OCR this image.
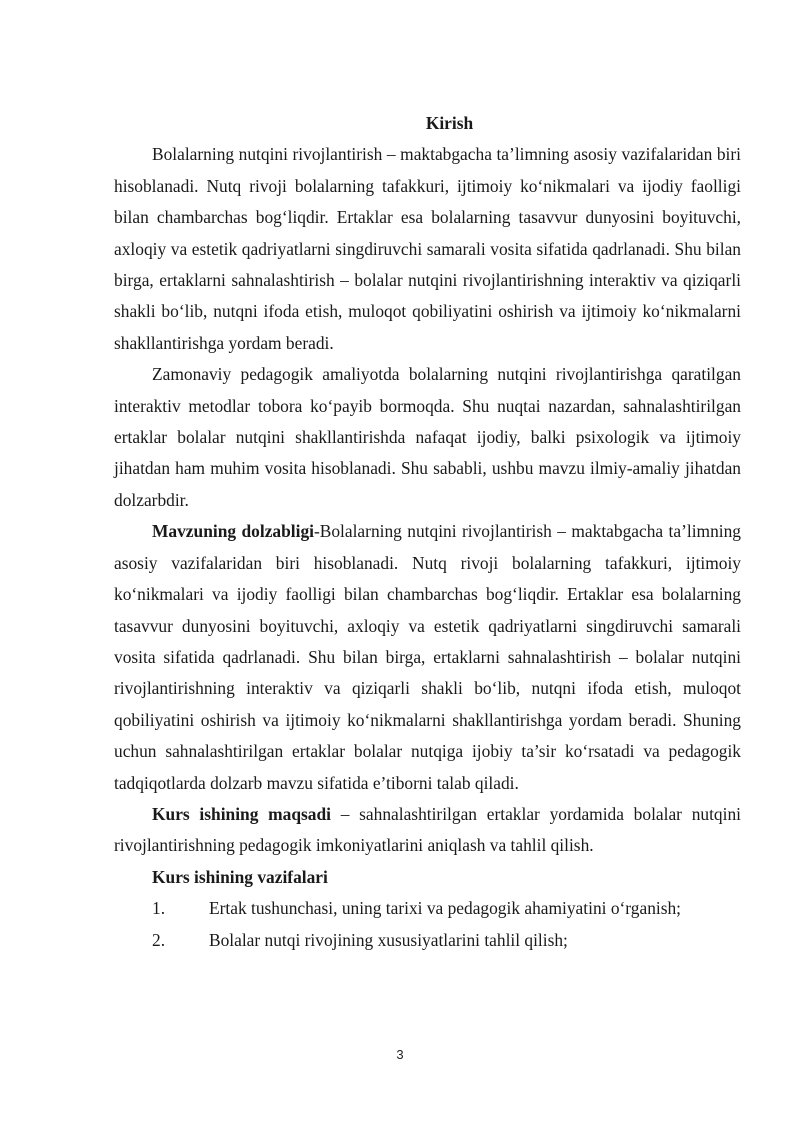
Kirish

Bolalarning nutqini rivojlantirish – maktabgacha ta’limning asosiy vazifalaridan biri hisoblanadi. Nutq rivoji bolalarning tafakkuri, ijtimoiy ko‘nikmalari va ijodiy faolligi bilan chambarchas bog‘liqdir. Ertaklar esa bolalarning tasavvur dunyosini boyituvchi, axloqiy va estetik qadriyatlarni singdiruvchi samarali vosita sifatida qadrlanadi. Shu bilan birga, ertaklarni sahnalashtirish – bolalar nutqini rivojlantirishning interaktiv va qiziqarli shakli bo‘lib, nutqni ifoda etish, muloqot qobiliyatini oshirish va ijtimoiy ko‘nikmalarni shakllantirishga yordam beradi.

Zamonaviy pedagogik amaliyotda bolalarning nutqini rivojlantirishga qaratilgan interaktiv metodlar tobora ko‘payib bormoqda. Shu nuqtai nazardan, sahnalashtirilgan ertaklar bolalar nutqini shakllantirishda nafaqat ijodiy, balki psixologik va ijtimoiy jihatdan ham muhim vosita hisoblanadi. Shu sababli, ushbu mavzu ilmiy-amaliy jihatdan dolzarbdir.

Mavzuning dolzabligi-Bolalarning nutqini rivojlantirish – maktabgacha ta’limning asosiy vazifalaridan biri hisoblanadi. Nutq rivoji bolalarning tafakkuri, ijtimoiy ko‘nikmalari va ijodiy faolligi bilan chambarchas bog‘liqdir. Ertaklar esa bolalarning tasavvur dunyosini boyituvchi, axloqiy va estetik qadriyatlarni singdiruvchi samarali vosita sifatida qadrlanadi. Shu bilan birga, ertaklarni sahnalashtirish – bolalar nutqini rivojlantirishning interaktiv va qiziqarli shakli bo‘lib, nutqni ifoda etish, muloqot qobiliyatini oshirish va ijtimoiy ko‘nikmalarni shakllantirishga yordam beradi. Shuning uchun sahnalashtirilgan ertaklar bolalar nutqiga ijobiy ta’sir ko‘rsatadi va pedagogik tadqiqotlarda dolzarb mavzu sifatida e’tiborni talab qiladi.

Kurs ishining maqsadi – sahnalashtirilgan ertaklar yordamida bolalar nutqini rivojlantirishning pedagogik imkoniyatlarini aniqlash va tahlil qilish.

Kurs ishining vazifalari

1.	Ertak tushunchasi, uning tarixi va pedagogik ahamiyatini o‘rganish;
2.	Bolalar nutqi rivojining xususiyatlarini tahlil qilish;
3
